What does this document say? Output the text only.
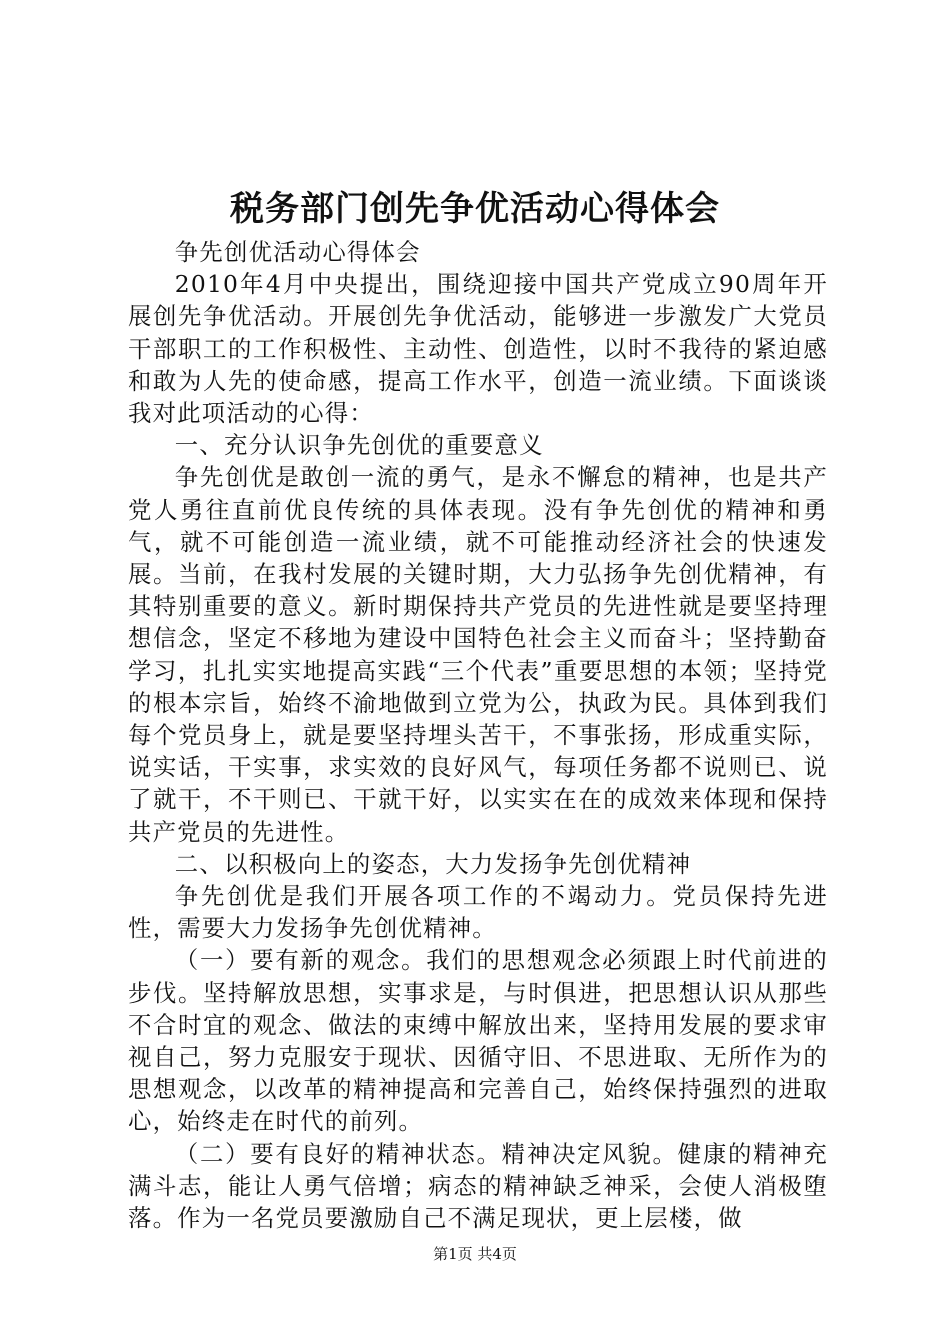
税务部门创先争优活动心得体会

争先创优活动心得体会

2010年4月中央提出，围绕迎接中国共产党成立90周年开展创先争优活动。开展创先争优活动，能够进一步激发广大党员干部职工的工作积极性、主动性、创造性，以时不我待的紧迫感和敢为人先的使命感，提高工作水平，创造一流业绩。下面谈谈我对此项活动的心得：

一、充分认识争先创优的重要意义

争先创优是敢创一流的勇气，是永不懈怠的精神，也是共产党人勇往直前优良传统的具体表现。没有争先创优的精神和勇气，就不可能创造一流业绩，就不可能推动经济社会的快速发展。当前，在我村发展的关键时期，大力弘扬争先创优精神，有其特别重要的意义。新时期保持共产党员的先进性就是要坚持理想信念，坚定不移地为建设中国特色社会主义而奋斗；坚持勤奋学习，扎扎实实地提高实践“三个代表”重要思想的本领；坚持党的根本宗旨，始终不渝地做到立党为公，执政为民。具体到我们每个党员身上，就是要坚持埋头苦干，不事张扬，形成重实际，说实话，干实事，求实效的良好风气，每项任务都不说则已、说了就干，不干则已、干就干好，以实实在在的成效来体现和保持共产党员的先进性。

二、以积极向上的姿态，大力发扬争先创优精神

争先创优是我们开展各项工作的不竭动力。党员保持先进性，需要大力发扬争先创优精神。

（一）要有新的观念。我们的思想观念必须跟上时代前进的步伐。坚持解放思想，实事求是，与时俱进，把思想认识从那些不合时宜的观念、做法的束缚中解放出来，坚持用发展的要求审视自己，努力克服安于现状、因循守旧、不思进取、无所作为的思想观念，以改革的精神提高和完善自己，始终保持强烈的进取心，始终走在时代的前列。

（二）要有良好的精神状态。精神决定风貌。健康的精神充满斗志，能让人勇气倍增；病态的精神缺乏神采，会使人消极堕落。作为一名党员要激励自己不满足现状，更上层楼，做

第1页 共4页
